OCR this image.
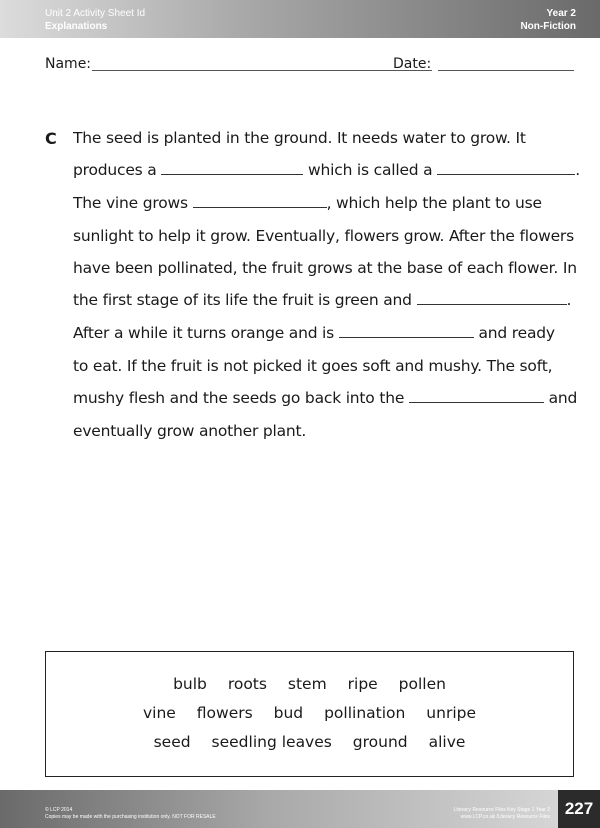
Unit 2 Activity Sheet Id
Explanations
Year 2
Non-Fiction
Name:	Date:
C The seed is planted in the ground. It needs water to grow. It
produces a	which is called a	.
The vine grows	, which help the plant to use
sunlight to help it grow. Eventually, flowers grow. After the flowers
have been pollinated, the fruit grows at the base of each flower. In
the first stage of its life the fruit is green and	.
After a while it turns orange and is	and ready
to eat. If the fruit is not picked it goes soft and mushy. The soft,
mushy flesh and the seeds go back into the	and
eventually grow another plant.
bulb roots stem ripe pollen
vine flowers bud pollination unripe
seed seedling leaves ground alive
© LCP 2014
Copies may be made with the purchasing institution only. NOT FOR RESALE
Literacy Resource Files Key Stage 1 Year 2
www.LCP.co.uk /Literacy Resource Files 227
